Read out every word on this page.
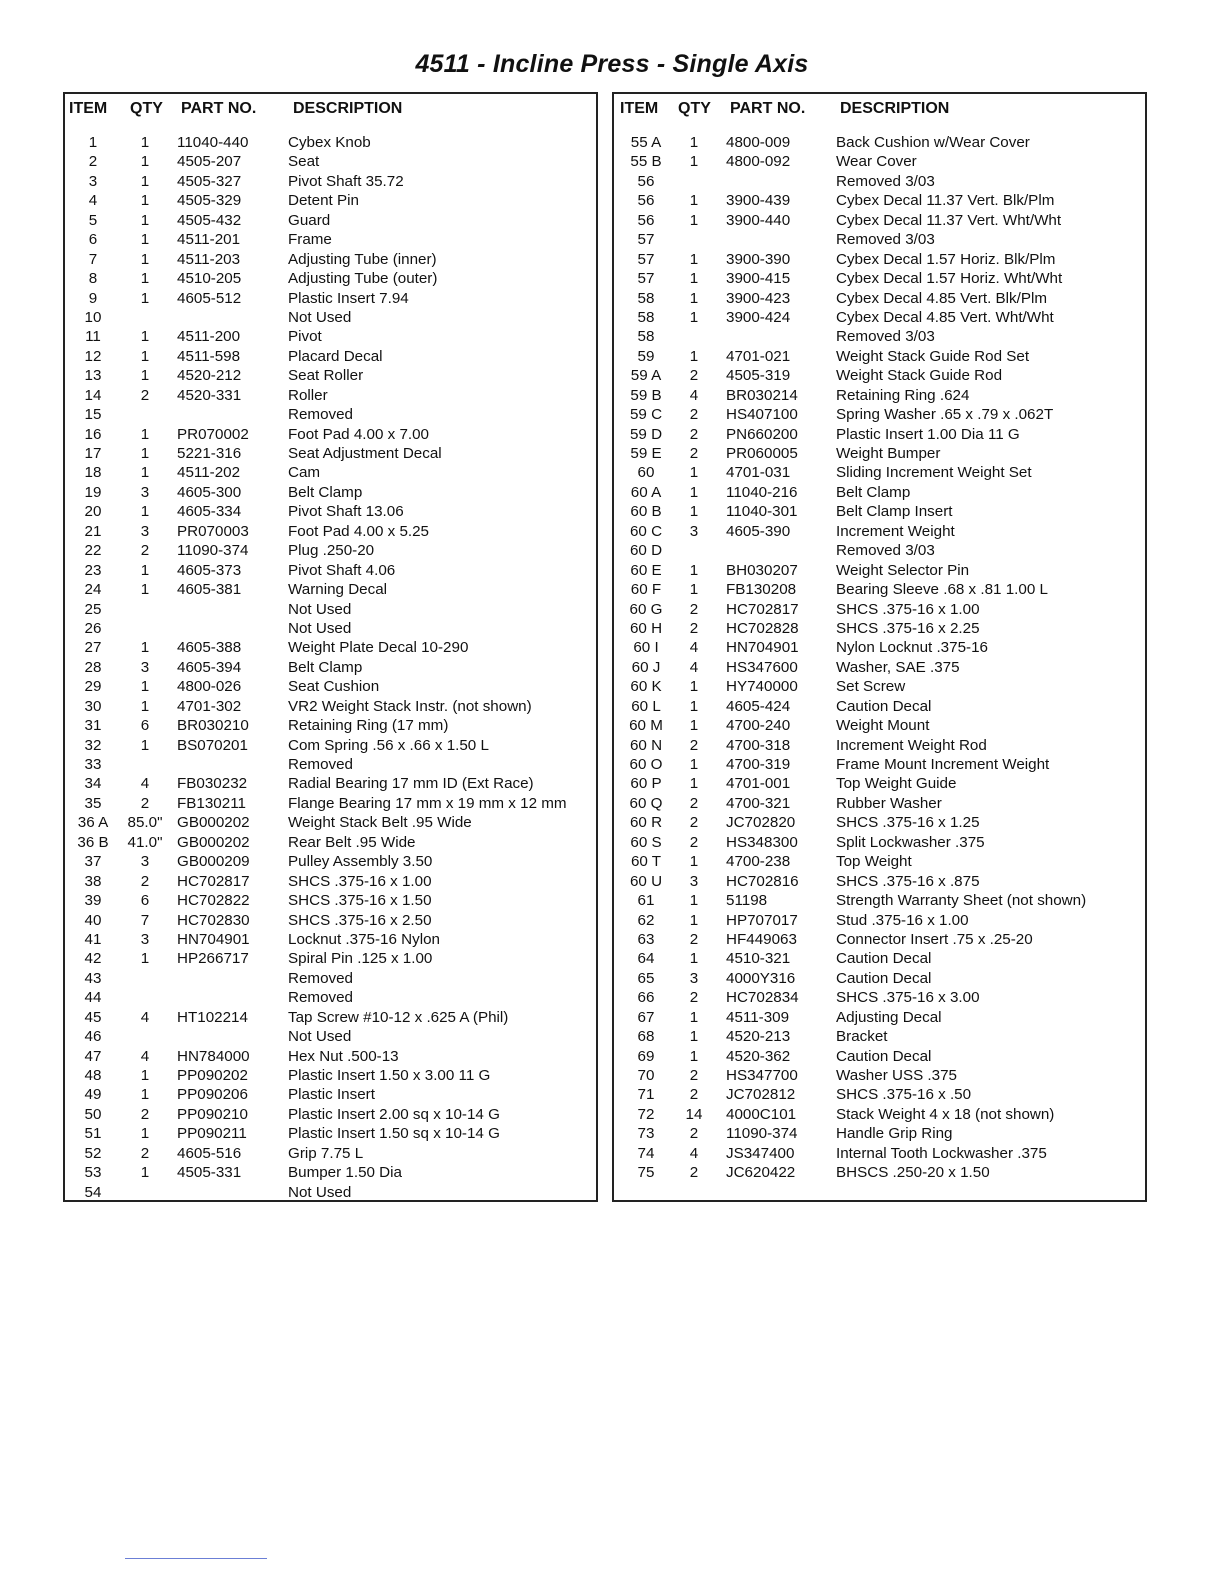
4511 - Incline Press - Single Axis
ITEM QTY PART NO. DESCRIPTION
1	1	11040-440	Cybex Knob
2	1	4505-207	Seat
3	1	4505-327	Pivot Shaft 35.72
4	1	4505-329	Detent Pin
5	1	4505-432	Guard
6	1	4511-201	Frame
7	1	4511-203	Adjusting Tube (inner)
8	1	4510-205	Adjusting Tube (outer)
9	1	4605-512	Plastic Insert 7.94
10	Not Used
11	1	4511-200	Pivot
12	1	4511-598	Placard Decal
13	1	4520-212	Seat Roller
14	2	4520-331	Roller
15	Removed
16	1	PR070002	Foot Pad 4.00 x 7.00
17	1	5221-316	Seat Adjustment Decal
18	1	4511-202	Cam
19	3	4605-300	Belt Clamp
20	1	4605-334	Pivot Shaft 13.06
21	3	PR070003	Foot Pad 4.00 x 5.25
22	2	11090-374	Plug .250-20
23	1	4605-373	Pivot Shaft 4.06
24	1	4605-381	Warning Decal
25	Not Used
26	Not Used
27	1	4605-388	Weight Plate Decal 10-290
28	3	4605-394	Belt Clamp
29	1	4800-026	Seat Cushion
30	1	4701-302	VR2 Weight Stack Instr. (not shown)
31	6	BR030210	Retaining Ring (17 mm)
32	1	BS070201	Com Spring .56 x .66 x 1.50 L
33	Removed
34	4	FB030232	Radial Bearing 17 mm ID (Ext Race)
35	2	FB130211	Flange Bearing 17 mm x 19 mm x 12 mm
36 A	85.0" GB000202	Weight Stack Belt .95 Wide
36 B	41.0" GB000202	Rear Belt .95 Wide
37	3	GB000209	Pulley Assembly 3.50
38	2	HC702817	SHCS .375-16 x 1.00
39	6	HC702822	SHCS .375-16 x 1.50
40	7	HC702830	SHCS .375-16 x 2.50
41	3	HN704901	Locknut .375-16 Nylon
42	1	HP266717	Spiral Pin .125 x 1.00
43	Removed
44	Removed
45	4	HT102214	Tap Screw #10-12 x .625 A (Phil)
46	Not Used
47	4	HN784000	Hex Nut .500-13
48	1	PP090202	Plastic Insert 1.50 x 3.00 11 G
49	1	PP090206	Plastic Insert
50	2	PP090210	Plastic Insert 2.00 sq x 10-14 G
51	1	PP090211	Plastic Insert 1.50 sq x 10-14 G
52	2	4605-516	Grip 7.75 L
53	1	4505-331	Bumper 1.50 Dia
54	Not Used
ITEM QTY PART NO. DESCRIPTION
55 A	1	4800-009	Back Cushion w/Wear Cover
55 B	1	4800-092	Wear Cover
56	Removed 3/03
56	1	3900-439	Cybex Decal 11.37 Vert. Blk/Plm
56	1	3900-440	Cybex Decal 11.37 Vert. Wht/Wht
57	Removed 3/03
57	1	3900-390	Cybex Decal 1.57 Horiz. Blk/Plm
57	1	3900-415	Cybex Decal 1.57 Horiz. Wht/Wht
58	1	3900-423	Cybex Decal 4.85 Vert. Blk/Plm
58	1	3900-424	Cybex Decal 4.85 Vert. Wht/Wht
58	Removed 3/03
59	1	4701-021	Weight Stack Guide Rod Set
59 A	2	4505-319	Weight Stack Guide Rod
59 B	4	BR030214	Retaining Ring .624
59 C	2	HS407100	Spring Washer .65 x .79 x .062T
59 D	2	PN660200	Plastic Insert 1.00 Dia 11 G
59 E	2	PR060005	Weight Bumper
60	1	4701-031	Sliding Increment Weight Set
60 A	1	11040-216	Belt Clamp
60 B	1	11040-301	Belt Clamp Insert
60 C	3	4605-390	Increment Weight
60 D	Removed 3/03
60 E	1	BH030207	Weight Selector Pin
60 F	1	FB130208	Bearing Sleeve .68 x .81 1.00 L
60 G	2	HC702817 SHCS .375-16 x 1.00
60 H	2	HC702828 SHCS .375-16 x 2.25
60 I	4	HN704901 Nylon Locknut .375-16
60 J	4	HS347600	Washer, SAE .375
60 K	1	HY740000	Set Screw
60 L	1	4605-424	Caution Decal
60 M	1	4700-240	Weight Mount
60 N	2	4700-318	Increment Weight Rod
60 O	1	4700-319	Frame Mount Increment Weight
60 P	1	4701-001	Top Weight Guide
60 Q	2	4700-321	Rubber Washer
60 R	2	JC702820	SHCS .375-16 x 1.25
60 S	2	HS348300	Split Lockwasher .375
60 T	1	4700-238	Top Weight
60 U	3	HC702816 SHCS .375-16 x .875
61	1	51198	Strength Warranty Sheet (not shown)
62	1	HP707017	Stud .375-16 x 1.00
63	2	HF449063	Connector Insert .75 x .25-20
64	1	4510-321	Caution Decal
65	3	4000Y316	Caution Decal
66	2	HC702834 SHCS .375-16 x 3.00
67	1	4511-309	Adjusting Decal
68	1	4520-213	Bracket
69	1	4520-362	Caution Decal
70	2	HS347700	Washer USS .375
71	2	JC702812	SHCS .375-16 x .50
72	14	4000C101	Stack Weight 4 x 18 (not shown)
73	2	11090-374	Handle Grip Ring
74	4	JS347400	Internal Tooth Lockwasher .375
75	2	JC620422	BHSCS .250-20 x 1.50
